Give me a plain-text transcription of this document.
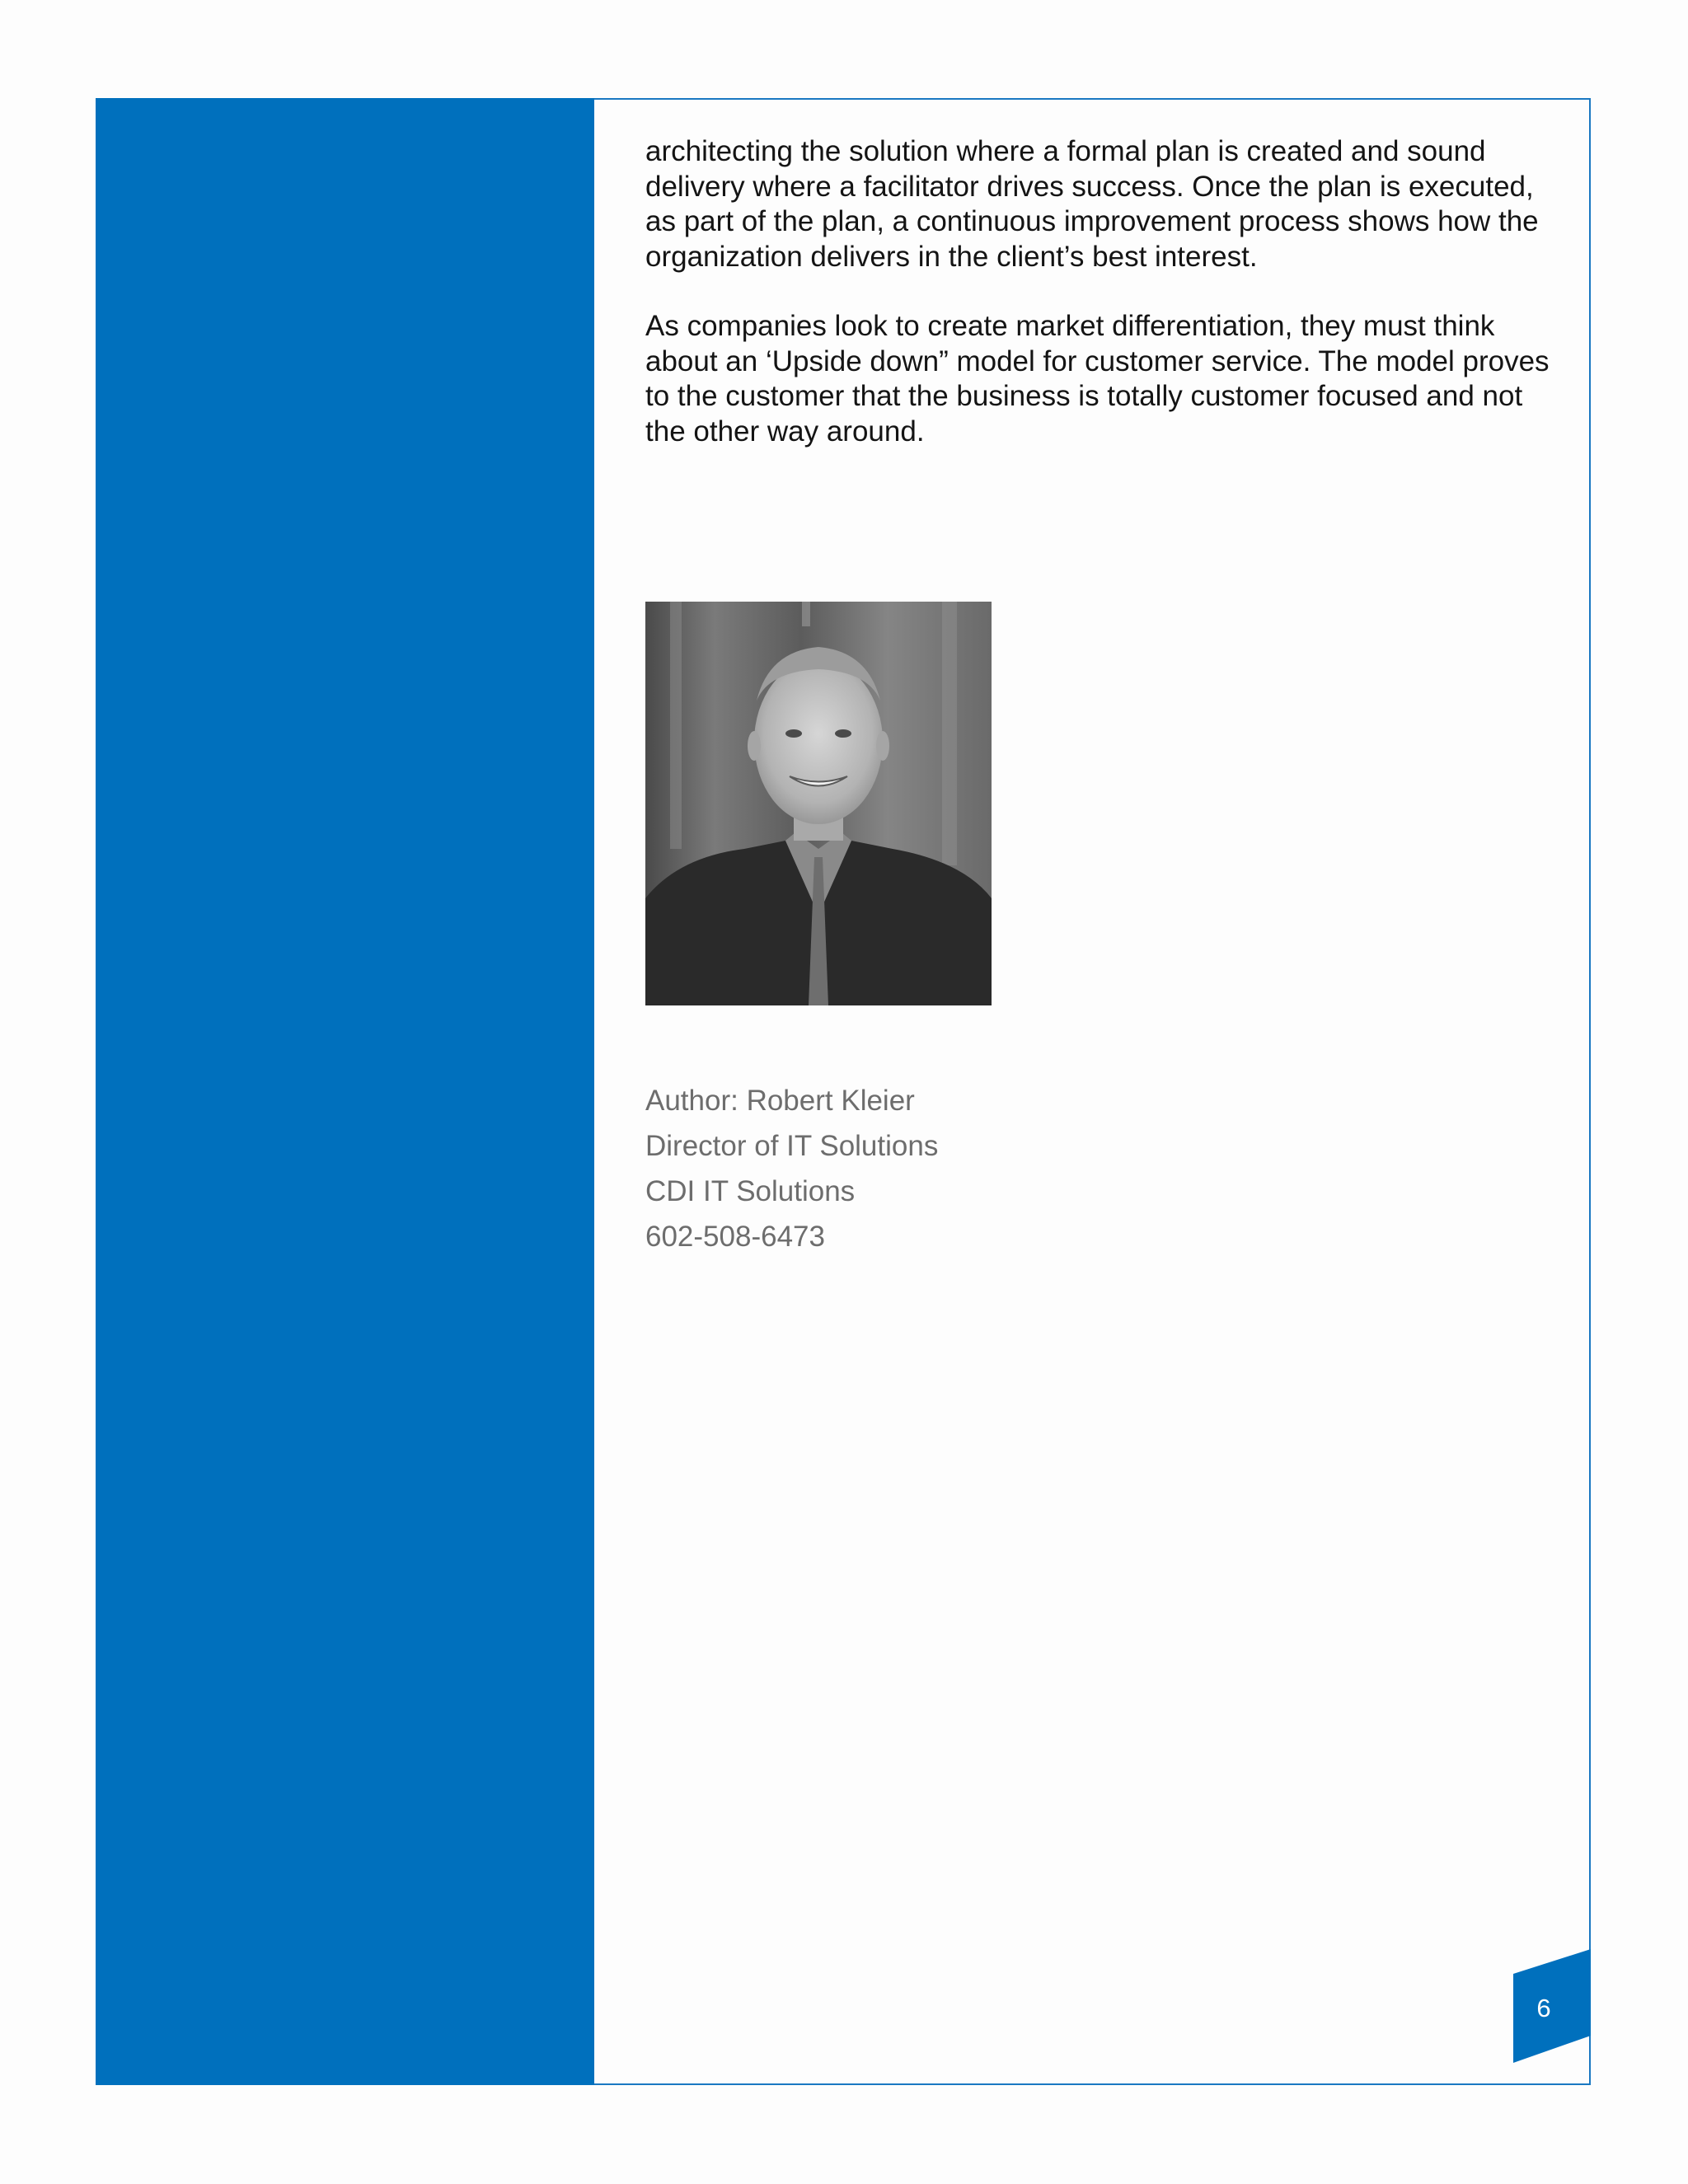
architecting the solution where a formal plan is created and sound delivery where a facilitator drives success. Once the plan is executed, as part of the plan, a continuous improvement process shows how the organization delivers in the client’s best interest.

As companies look to create market differentiation, they must think about an ‘Upside down” model for customer service. The model proves to the customer that the business is totally customer focused and not the other way around.

Author: Robert Kleier

Director of IT Solutions

CDI IT Solutions

602-508-6473

6
